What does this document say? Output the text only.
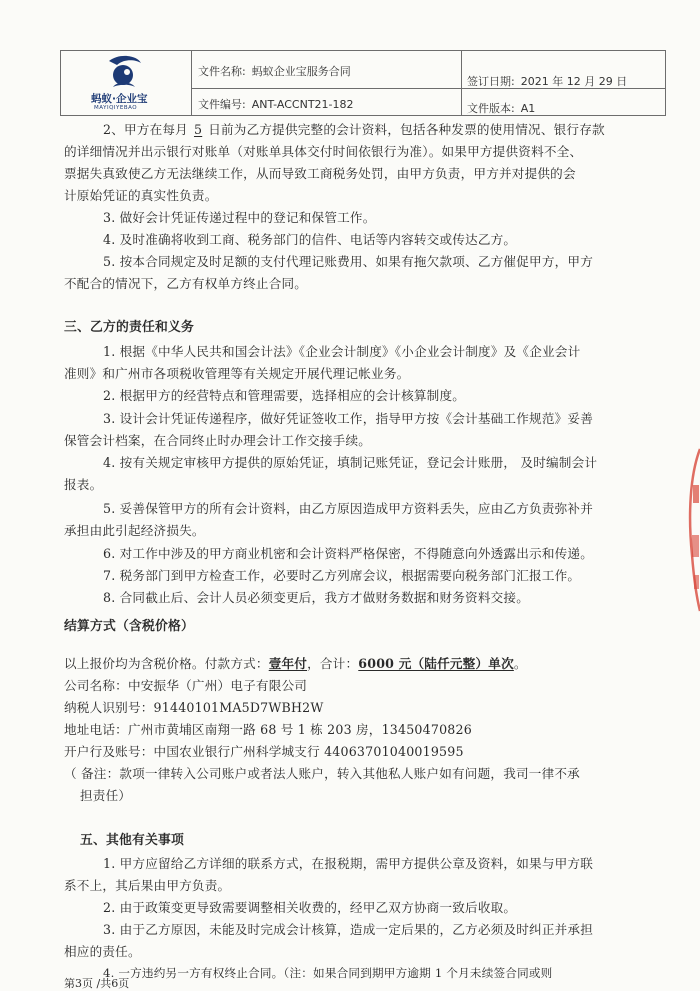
蚂蚁·企业宝
MAYIQIYEBAO
文件名称: 蚂蚁企业宝服务合同
文件编号: ANT-ACCNT21-182
签订日期: 2021 年 12 月 29 日
文件版本: A1
2、甲方在每月 5 日前为乙方提供完整的会计资料，包括各种发票的使用情况、银行存款
的详细情况并出示银行对账单（对账单具体交付时间依银行为准）。如果甲方提供资料不全、
票据失真致使乙方无法继续工作，从而导致工商税务处罚，由甲方负责，甲方并对提供的会
计原始凭证的真实性负责。
3. 做好会计凭证传递过程中的登记和保管工作。
4. 及时准确将收到工商、税务部门的信件、电话等内容转交或传达乙方。
5. 按本合同规定及时足额的支付代理记账费用、如果有拖欠款项、乙方催促甲方，甲方
不配合的情况下，乙方有权单方终止合同。
三、乙方的责任和义务
1. 根据《中华人民共和国会计法》《企业会计制度》《小企业会计制度》及《企业会计
准则》和广州市各项税收管理等有关规定开展代理记帐业务。
2. 根据甲方的经营特点和管理需要，选择相应的会计核算制度。
3. 设计会计凭证传递程序，做好凭证签收工作，指导甲方按《会计基础工作规范》妥善
保管会计档案，在合同终止时办理会计工作交接手续。
4. 按有关规定审核甲方提供的原始凭证，填制记账凭证，登记会计账册， 及时编制会计
报表。
5. 妥善保管甲方的所有会计资料，由乙方原因造成甲方资料丢失，应由乙方负责弥补并
承担由此引起经济损失。
6. 对工作中涉及的甲方商业机密和会计资料严格保密，不得随意向外透露出示和传递。
7. 税务部门到甲方检查工作，必要时乙方列席会议，根据需要向税务部门汇报工作。
8. 合同截止后、会计人员必须变更后，我方才做财务数据和财务资料交接。
结算方式（含税价格）
以上报价均为含税价格。付款方式：壹年付，合计：6000 元（陆仟元整）单次。
公司名称：中安振华（广州）电子有限公司
纳税人识别号：91440101MA5D7WBH2W
地址电话：广州市黄埔区南翔一路 68 号 1 栋 203 房，13450470826
开户行及账号：中国农业银行广州科学城支行 44063701040019595
（ 备注：款项一律转入公司账户或者法人账户，转入其他私人账户如有问题，我司一律不承
担责任）
五、其他有关事项
1. 甲方应留给乙方详细的联系方式，在报税期，需甲方提供公章及资料，如果与甲方联
系不上，其后果由甲方负责。
2. 由于政策变更导致需要调整相关收费的，经甲乙双方协商一致后收取。
3. 由于乙方原因，未能及时完成会计核算，造成一定后果的，乙方必须及时纠正并承担
相应的责任。
4. 一方违约另一方有权终止合同。（注：如果合同到期甲方逾期 1 个月未续签合同或则
第3页 /共6页
